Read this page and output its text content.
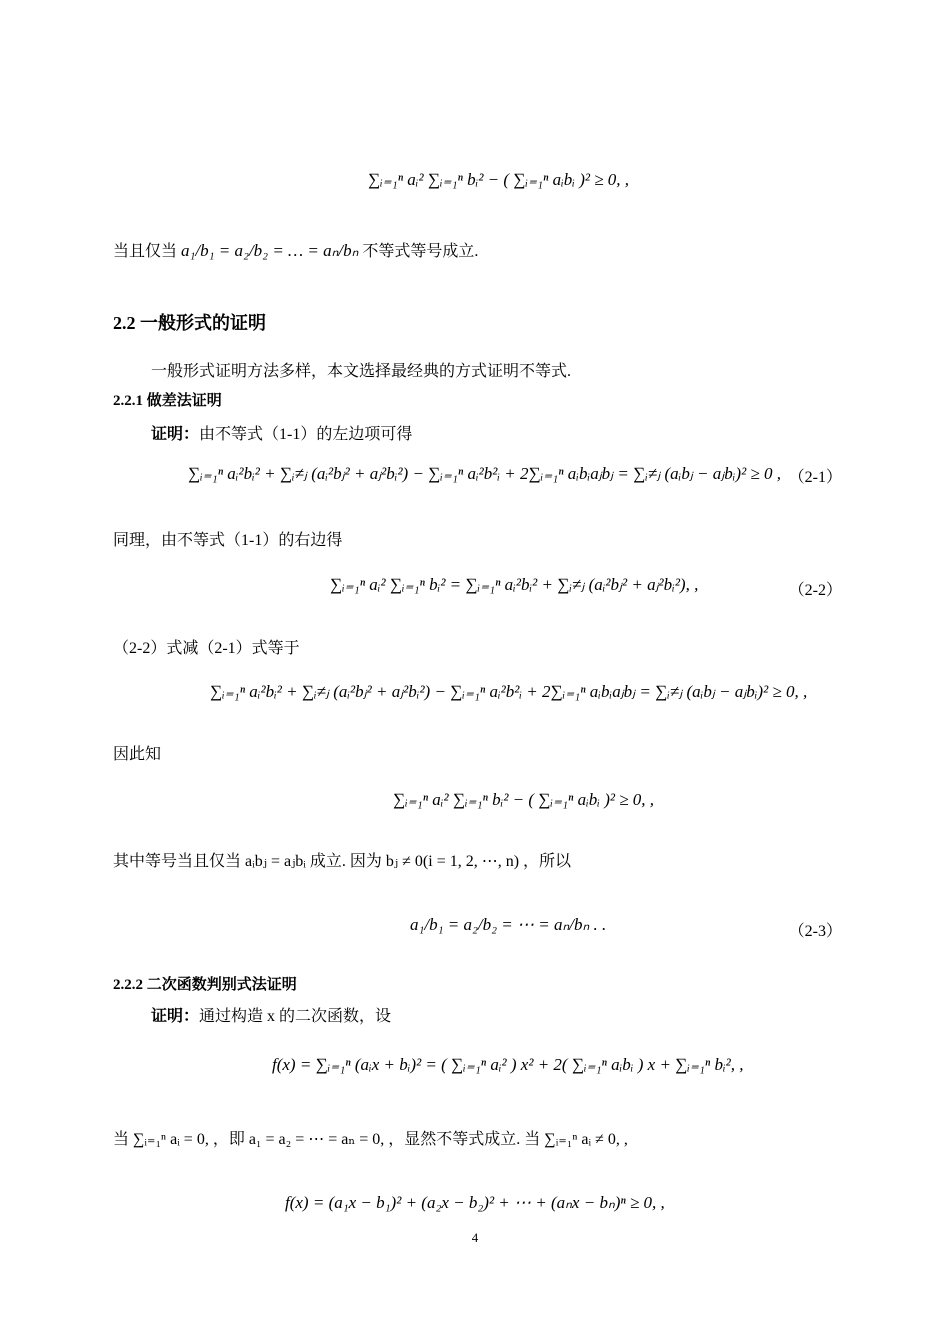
∑ᵢ₌₁ⁿ aᵢ² ∑ᵢ₌₁ⁿ bᵢ² − ( ∑ᵢ₌₁ⁿ aᵢbᵢ )² ≥ 0, ,
当且仅当 a₁/b₁ = a₂/b₂ = … = aₙ/bₙ 不等式等号成立.
2.2 一般形式的证明
一般形式证明方法多样，本文选择最经典的方式证明不等式.
2.2.1 做差法证明
证明：由不等式（1-1）的左边项可得
∑ᵢ₌₁ⁿ aᵢ²bᵢ² + ∑ᵢ≠ⱼ (aᵢ²bⱼ² + aⱼ²bᵢ²) − ∑ᵢ₌₁ⁿ aᵢ²b²ᵢ + 2∑ᵢ₌₁ⁿ aᵢbᵢaⱼbⱼ = ∑ᵢ≠ⱼ (aᵢbⱼ − aⱼbᵢ)² ≥ 0 , （2-1）
同理，由不等式（1-1）的右边得
∑ᵢ₌₁ⁿ aᵢ² ∑ᵢ₌₁ⁿ bᵢ² = ∑ᵢ₌₁ⁿ aᵢ²bᵢ² + ∑ᵢ≠ⱼ (aᵢ²bⱼ² + aⱼ²bᵢ²), ,	（2-2）
（2-2）式减（2-1）式等于
∑ᵢ₌₁ⁿ aᵢ²bᵢ² + ∑ᵢ≠ⱼ (aᵢ²bⱼ² + aⱼ²bᵢ²) − ∑ᵢ₌₁ⁿ aᵢ²b²ᵢ + 2∑ᵢ₌₁ⁿ aᵢbᵢaⱼbⱼ = ∑ᵢ≠ⱼ (aᵢbⱼ − aⱼbᵢ)² ≥ 0, ,
因此知
∑ᵢ₌₁ⁿ aᵢ² ∑ᵢ₌₁ⁿ bᵢ² − ( ∑ᵢ₌₁ⁿ aᵢbᵢ )² ≥ 0, ,
其中等号当且仅当 aᵢbⱼ = aⱼbᵢ 成立. 因为 bⱼ ≠ 0(i = 1, 2, ⋯, n) ，所以
a₁/b₁ = a₂/b₂ = ⋯ = aₙ/bₙ . .	（2-3）
2.2.2 二次函数判别式法证明
证明：通过构造 x 的二次函数，设
f(x) = ∑ᵢ₌₁ⁿ (aᵢx + bᵢ)² = ( ∑ᵢ₌₁ⁿ aᵢ² ) x² + 2( ∑ᵢ₌₁ⁿ aᵢbᵢ ) x + ∑ᵢ₌₁ⁿ bᵢ², ,
当 ∑ᵢ₌₁ⁿ aᵢ = 0, ，即 a₁ = a₂ = ⋯ = aₙ = 0, ，显然不等式成立. 当 ∑ᵢ₌₁ⁿ aᵢ ≠ 0, ,
f(x) = (a₁x − b₁)² + (a₂x − b₂)² + ⋯ + (aₙx − bₙ)ⁿ ≥ 0, ,
4
